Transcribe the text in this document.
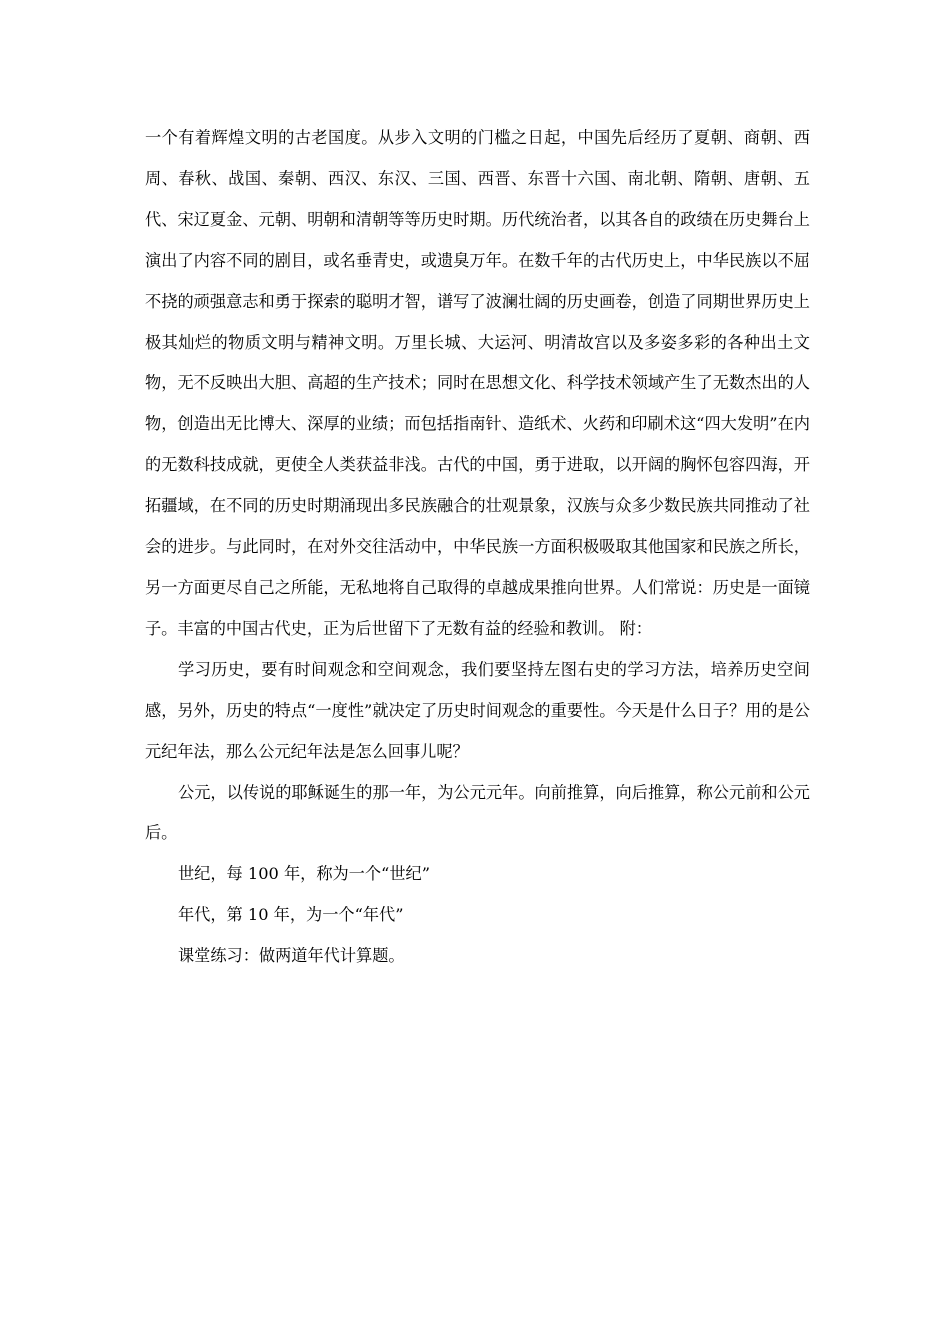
一个有着辉煌文明的古老国度。从步入文明的门槛之日起，中国先后经历了夏朝、商朝、西周、春秋、战国、秦朝、西汉、东汉、三国、西晋、东晋十六国、南北朝、隋朝、唐朝、五代、宋辽夏金、元朝、明朝和清朝等等历史时期。历代统治者，以其各自的政绩在历史舞台上演出了内容不同的剧目，或名垂青史，或遗臭万年。在数千年的古代历史上，中华民族以不屈不挠的顽强意志和勇于探索的聪明才智，谱写了波澜壮阔的历史画卷，创造了同期世界历史上极其灿烂的物质文明与精神文明。万里长城、大运河、明清故宫以及多姿多彩的各种出土文物，无不反映出大胆、高超的生产技术；同时在思想文化、科学技术领域产生了无数杰出的人物，创造出无比博大、深厚的业绩；而包括指南针、造纸术、火药和印刷术这“四大发明”在内的无数科技成就，更使全人类获益非浅。古代的中国，勇于进取，以开阔的胸怀包容四海，开拓疆域，在不同的历史时期涌现出多民族融合的壮观景象，汉族与众多少数民族共同推动了社会的进步。与此同时，在对外交往活动中，中华民族一方面积极吸取其他国家和民族之所长，另一方面更尽自己之所能，无私地将自己取得的卓越成果推向世界。人们常说：历史是一面镜子。丰富的中国古代史，正为后世留下了无数有益的经验和教训。 附：

学习历史，要有时间观念和空间观念，我们要坚持左图右史的学习方法，培养历史空间感，另外，历史的特点“一度性”就决定了历史时间观念的重要性。今天是什么日子？用的是公元纪年法，那么公元纪年法是怎么回事儿呢？

公元，以传说的耶稣诞生的那一年，为公元元年。向前推算，向后推算，称公元前和公元后。

世纪，每 100 年，称为一个“世纪”

年代，第 10 年，为一个“年代”

课堂练习：做两道年代计算题。
